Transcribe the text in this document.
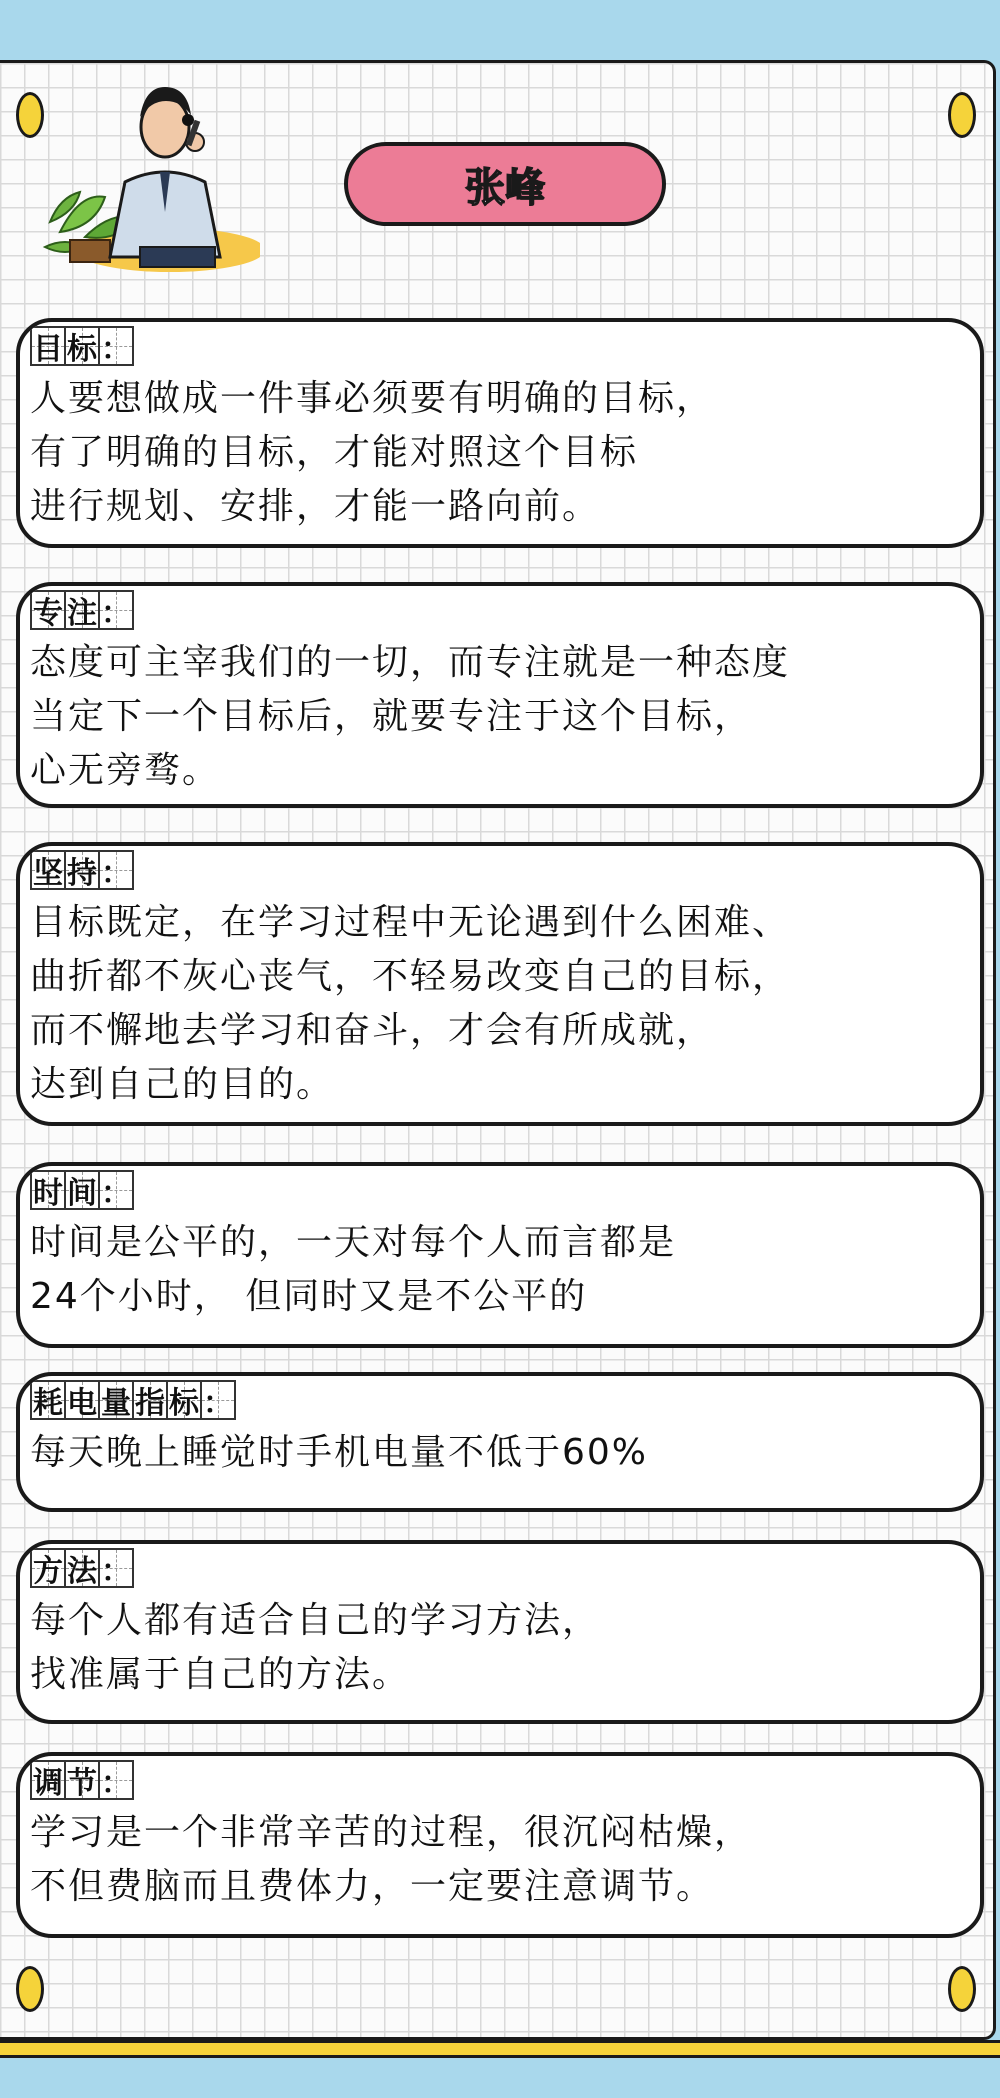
张峰
目 标 ：
人要想做成一件事必须要有明确的目标，
有了明确的目标，才能对照这个目标
进行规划、安排，才能一路向前。
专 注 ：
态度可主宰我们的一切，而专注就是一种态度
当定下一个目标后，就要专注于这个目标，
心无旁骛。
坚 持 ：
目标既定，在学习过程中无论遇到什么困难、
曲折都不灰心丧气，不轻易改变自己的目标，
而不懈地去学习和奋斗，才会有所成就，
达到自己的目的。
时 间 ：
时间是公平的，一天对每个人而言都是
24个小时， 但同时又是不公平的
耗 电 量 指 标 ：
每天晚上睡觉时手机电量不低于60%
方 法 ：
每个人都有适合自己的学习方法，
找准属于自己的方法。
调 节 ：
学习是一个非常辛苦的过程，很沉闷枯燥，
不但费脑而且费体力，一定要注意调节。
